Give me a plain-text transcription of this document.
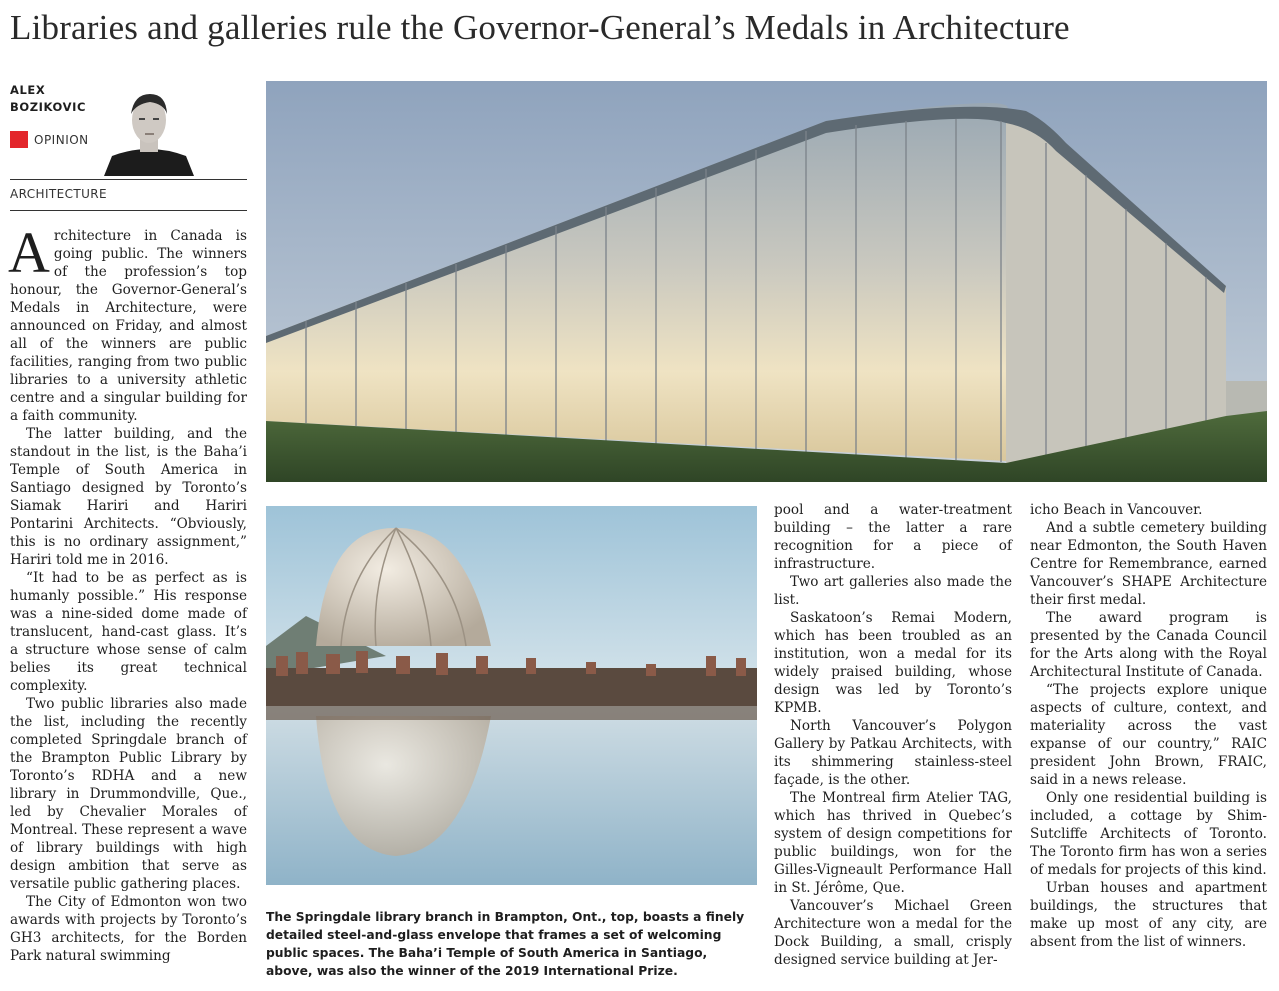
Libraries and galleries rule the Governor-General’s Medals in Architecture
ALEX
BOZIKOVIC
OPINION
ARCHITECTURE

Architecture in Canada is going public. The winners of the profession’s top honour, the Governor-General’s Medals in Architecture, were announced on Friday, and almost all of the winners are public facilities, ranging from two public libraries to a university athletic centre and a singular building for a faith community.

The latter building, and the standout in the list, is the Baha’i Temple of South America in Santiago designed by Toronto’s Siamak Hariri and Hariri Pontarini Architects. “Obviously, this is no ordinary assignment,” Hariri told me in 2016.

“It had to be as perfect as is humanly possible.” His response was a nine-sided dome made of translucent, hand-cast glass. It’s a structure whose sense of calm belies its great technical complexity.

Two public libraries also made the list, including the recently completed Springdale branch of the Brampton Public Library by Toronto’s RDHA and a new library in Drummondville, Que., led by Chevalier Morales of Montreal. These represent a wave of library buildings with high design ambition that serve as versatile public gathering places.

The City of Edmonton won two awards with projects by Toronto’s GH3 architects, for the Borden Park natural swimming

The Springdale library branch in Brampton, Ont., top, boasts a finely detailed steel-and-glass envelope that frames a set of welcoming public spaces. The Baha’i Temple of South America in Santiago, above, was also the winner of the 2019 International Prize.

pool and a water-treatment building – the latter a rare recognition for a piece of infrastructure.

Two art galleries also made the list.

Saskatoon’s Remai Modern, which has been troubled as an institution, won a medal for its widely praised building, whose design was led by Toronto’s KPMB.

North Vancouver’s Polygon Gallery by Patkau Architects, with its shimmering stainless-steel façade, is the other.

The Montreal firm Atelier TAG, which has thrived in Quebec’s system of design competitions for public buildings, won for the Gilles-Vigneault Performance Hall in St. Jérôme, Que.

Vancouver’s Michael Green Architecture won a medal for the Dock Building, a small, crisply designed service building at Jer-

icho Beach in Vancouver.

And a subtle cemetery building near Edmonton, the South Haven Centre for Remembrance, earned Vancouver’s SHAPE Architecture their first medal.

The award program is presented by the Canada Council for the Arts along with the Royal Architectural Institute of Canada.

“The projects explore unique aspects of culture, context, and materiality across the vast expanse of our country,” RAIC president John Brown, FRAIC, said in a news release.

Only one residential building is included, a cottage by Shim-Sutcliffe Architects of Toronto. The Toronto firm has won a series of medals for projects of this kind.

Urban houses and apartment buildings, the structures that make up most of any city, are absent from the list of winners.
